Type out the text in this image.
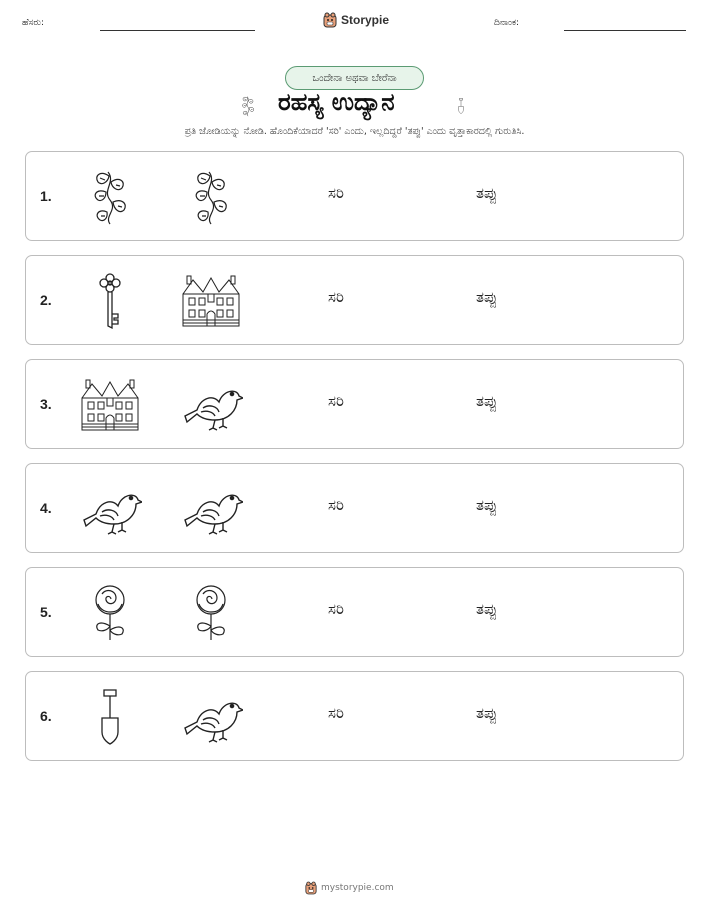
ಹೆಸರು:	Storypie	ದಿನಾಂಕ:
ಒಂದೇನಾ ಅಥವಾ ಬೇರೆನಾ
ರಹಸ್ಯ ಉದ್ಯಾನ
ಪ್ರತಿ ಜೋಡಿಯನ್ನು ನೋಡಿ. ಹೊಂದಿಕೆಯಾದರೆ 'ಸರಿ' ಎಂದು, ಇಲ್ಲದಿದ್ದರೆ 'ತಪ್ಪು' ಎಂದು ವೃತ್ತಾಕಾರದಲ್ಲಿ ಗುರುತಿಸಿ.
1.	ಸರಿ	ತಪ್ಪು
2.	ಸರಿ	ತಪ್ಪು
3.	ಸರಿ	ತಪ್ಪು
4.	ಸರಿ	ತಪ್ಪು
5.	ಸರಿ	ತಪ್ಪು
6.	ಸರಿ	ತಪ್ಪು
mystorypie.com
